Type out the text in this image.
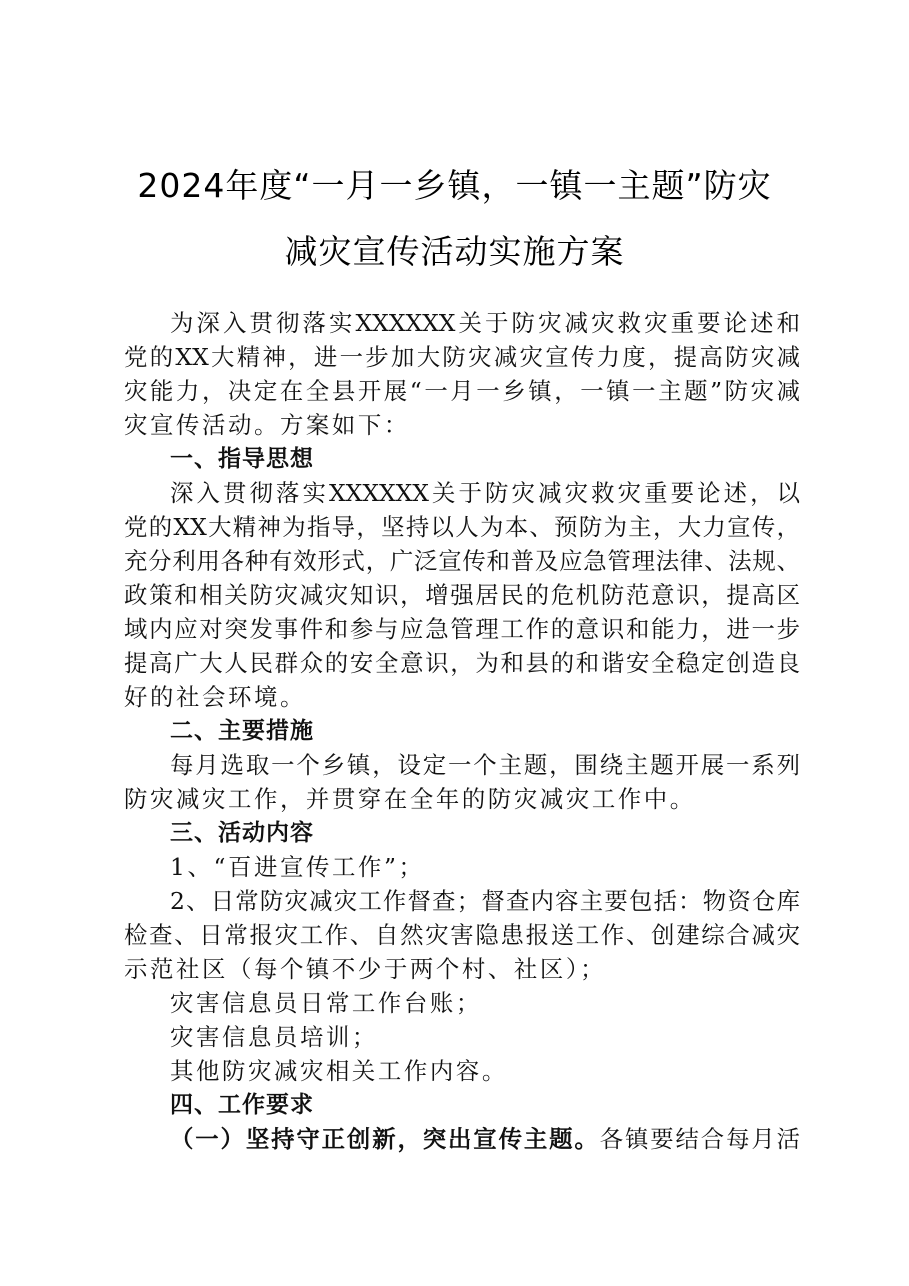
2024年度“一月一乡镇，一镇一主题”防灾
减灾宣传活动实施方案
为深入贯彻落实XXXXXX关于防灾减灾救灾重要论述和
党的XX大精神，进一步加大防灾减灾宣传力度，提高防灾减
灾能力，决定在全县开展“一月一乡镇，一镇一主题”防灾减
灾宣传活动。方案如下：
一、指导思想
深入贯彻落实XXXXXX关于防灾减灾救灾重要论述，以
党的XX大精神为指导，坚持以人为本、预防为主，大力宣传，
充分利用各种有效形式，广泛宣传和普及应急管理法律、法规、
政策和相关防灾减灾知识，增强居民的危机防范意识，提高区
域内应对突发事件和参与应急管理工作的意识和能力，进一步
提高广大人民群众的安全意识，为和县的和谐安全稳定创造良
好的社会环境。
二、主要措施
每月选取一个乡镇，设定一个主题，围绕主题开展一系列
防灾减灾工作，并贯穿在全年的防灾减灾工作中。
三、活动内容
1、“百进宣传工作”；
2、日常防灾减灾工作督查；督查内容主要包括：物资仓库
检查、日常报灾工作、自然灾害隐患报送工作、创建综合减灾
示范社区（每个镇不少于两个村、社区）；
灾害信息员日常工作台账；
灾害信息员培训；
其他防灾减灾相关工作内容。
四、工作要求
（一）坚持守正创新，突出宣传主题。各镇要结合每月活
